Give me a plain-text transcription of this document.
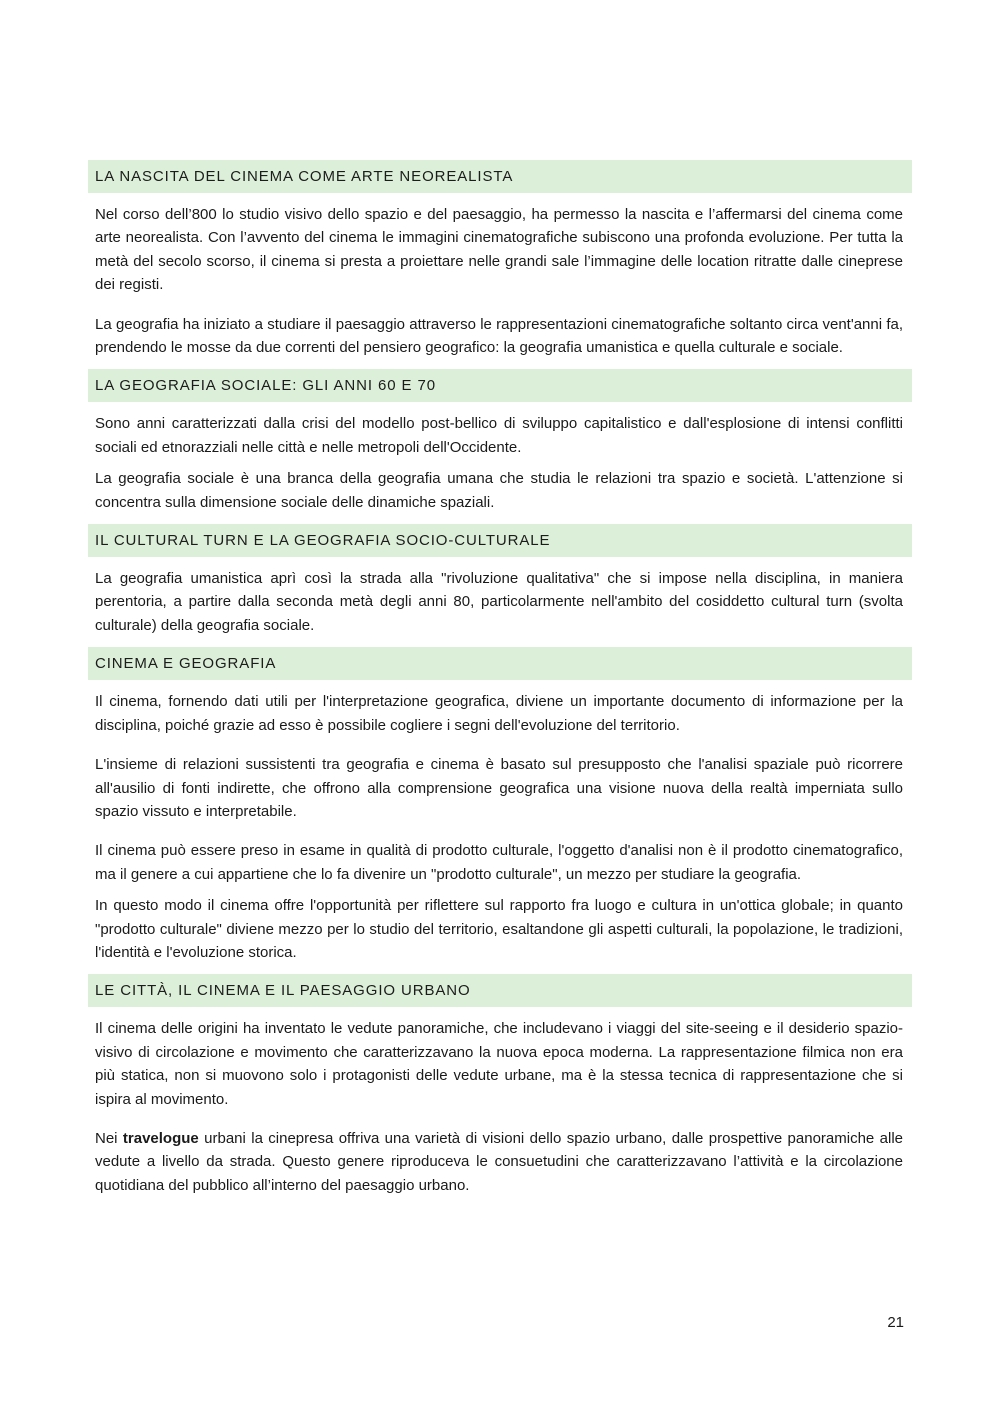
LA NASCITA DEL CINEMA COME ARTE NEOREALISTA

Nel corso dell’800 lo studio visivo dello spazio e del paesaggio, ha permesso la nascita e l’affermarsi del cinema come arte neorealista. Con l’avvento del cinema le immagini cinematografiche subiscono una profonda evoluzione. Per tutta la metà del secolo scorso, il cinema si presta a proiettare nelle grandi sale l’immagine delle location ritratte dalle cineprese dei registi.

La geografia ha iniziato a studiare il paesaggio attraverso le rappresentazioni cinematografiche soltanto circa vent'anni fa, prendendo le mosse da due correnti del pensiero geografico: la geografia umanistica e quella culturale e sociale.

LA GEOGRAFIA SOCIALE: GLI ANNI 60 E 70

Sono anni caratterizzati dalla crisi del modello post-bellico di sviluppo capitalistico e dall'esplosione di intensi conflitti sociali ed etnorazziali nelle città e nelle metropoli dell'Occidente.

La geografia sociale è una branca della geografia umana che studia le relazioni tra spazio e società. L'attenzione si concentra sulla dimensione sociale delle dinamiche spaziali.

IL CULTURAL TURN E LA GEOGRAFIA SOCIO-CULTURALE

La geografia umanistica aprì così la strada alla "rivoluzione qualitativa" che si impose nella disciplina, in maniera perentoria, a partire dalla seconda metà degli anni 80, particolarmente nell'ambito del cosiddetto cultural turn (svolta culturale) della geografia sociale.

CINEMA E GEOGRAFIA

Il cinema, fornendo dati utili per l'interpretazione geografica, diviene un importante documento di informazione per la disciplina, poiché grazie ad esso è possibile cogliere i segni dell'evoluzione del territorio.

L'insieme di relazioni sussistenti tra geografia e cinema è basato sul presupposto che l'analisi spaziale può ricorrere all'ausilio di fonti indirette, che offrono alla comprensione geografica una visione nuova della realtà imperniata sullo spazio vissuto e interpretabile.

Il cinema può essere preso in esame in qualità di prodotto culturale, l'oggetto d'analisi non è il prodotto cinematografico, ma il genere a cui appartiene che lo fa divenire un "prodotto culturale", un mezzo per studiare la geografia.

In questo modo il cinema offre l'opportunità per riflettere sul rapporto fra luogo e cultura in un'ottica globale; in quanto "prodotto culturale" diviene mezzo per lo studio del territorio, esaltandone gli aspetti culturali, la popolazione, le tradizioni, l'identità e l'evoluzione storica.

LE CITTÀ, IL CINEMA E IL PAESAGGIO URBANO

Il cinema delle origini ha inventato le vedute panoramiche, che includevano i viaggi del site-seeing e il desiderio spazio-visivo di circolazione e movimento che caratterizzavano la nuova epoca moderna. La rappresentazione filmica non era più statica, non si muovono solo i protagonisti delle vedute urbane, ma è la stessa tecnica di rappresentazione che si ispira al movimento.

Nei travelogue urbani la cinepresa offriva una varietà di visioni dello spazio urbano, dalle prospettive panoramiche alle vedute a livello da strada. Questo genere riproduceva le consuetudini che caratterizzavano l’attività e la circolazione quotidiana del pubblico all’interno del paesaggio urbano.

21
